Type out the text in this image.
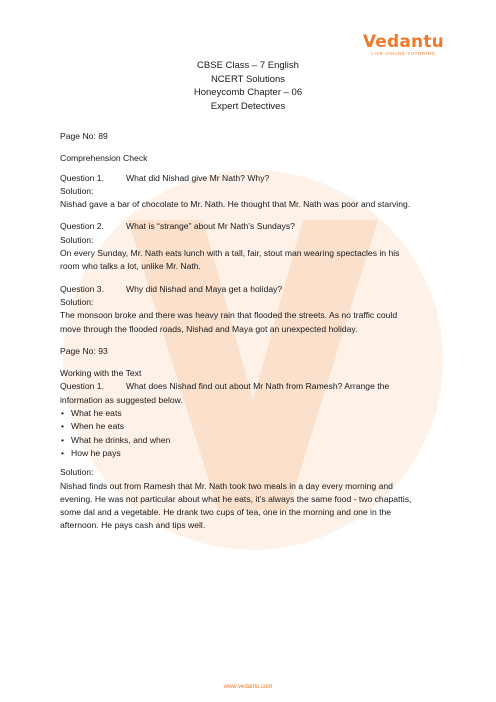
Vedantu
LIVE ONLINE TUTORING
CBSE Class – 7 English
NCERT Solutions
Honeycomb Chapter – 06
Expert Detectives

Page No: 89

Comprehension Check

Question 1.	What did Nishad give Mr Nath? Why?

Solution:

Nishad gave a bar of chocolate to Mr. Nath. He thought that Mr. Nath was poor and starving.

Question 2.	What is “strange” about Mr Nath’s Sundays?

Solution:

On every Sunday, Mr. Nath eats lunch with a tall, fair, stout man wearing spectacles in his

room who talks a lot, unlike Mr. Nath.

Question 3.	Why did Nishad and Maya get a holiday?

Solution:

The monsoon broke and there was heavy rain that flooded the streets. As no traffic could

move through the flooded roads, Nishad and Maya got an unexpected holiday.

Page No: 93

Working with the Text

Question 1.	What does Nishad find out about Mr Nath from Ramesh? Arrange the

information as suggested below.

• What he eats
• When he eats
• What he drinks, and when
• How he pays

Solution:

Nishad finds out from Ramesh that Mr. Nath took two meals in a day every morning and

evening. He was not particular about what he eats, it’s always the same food - two chapattis,

some dal and a vegetable. He drank two cups of tea, one in the morning and one in the

afternoon. He pays cash and tips well.

www.vedantu.com
